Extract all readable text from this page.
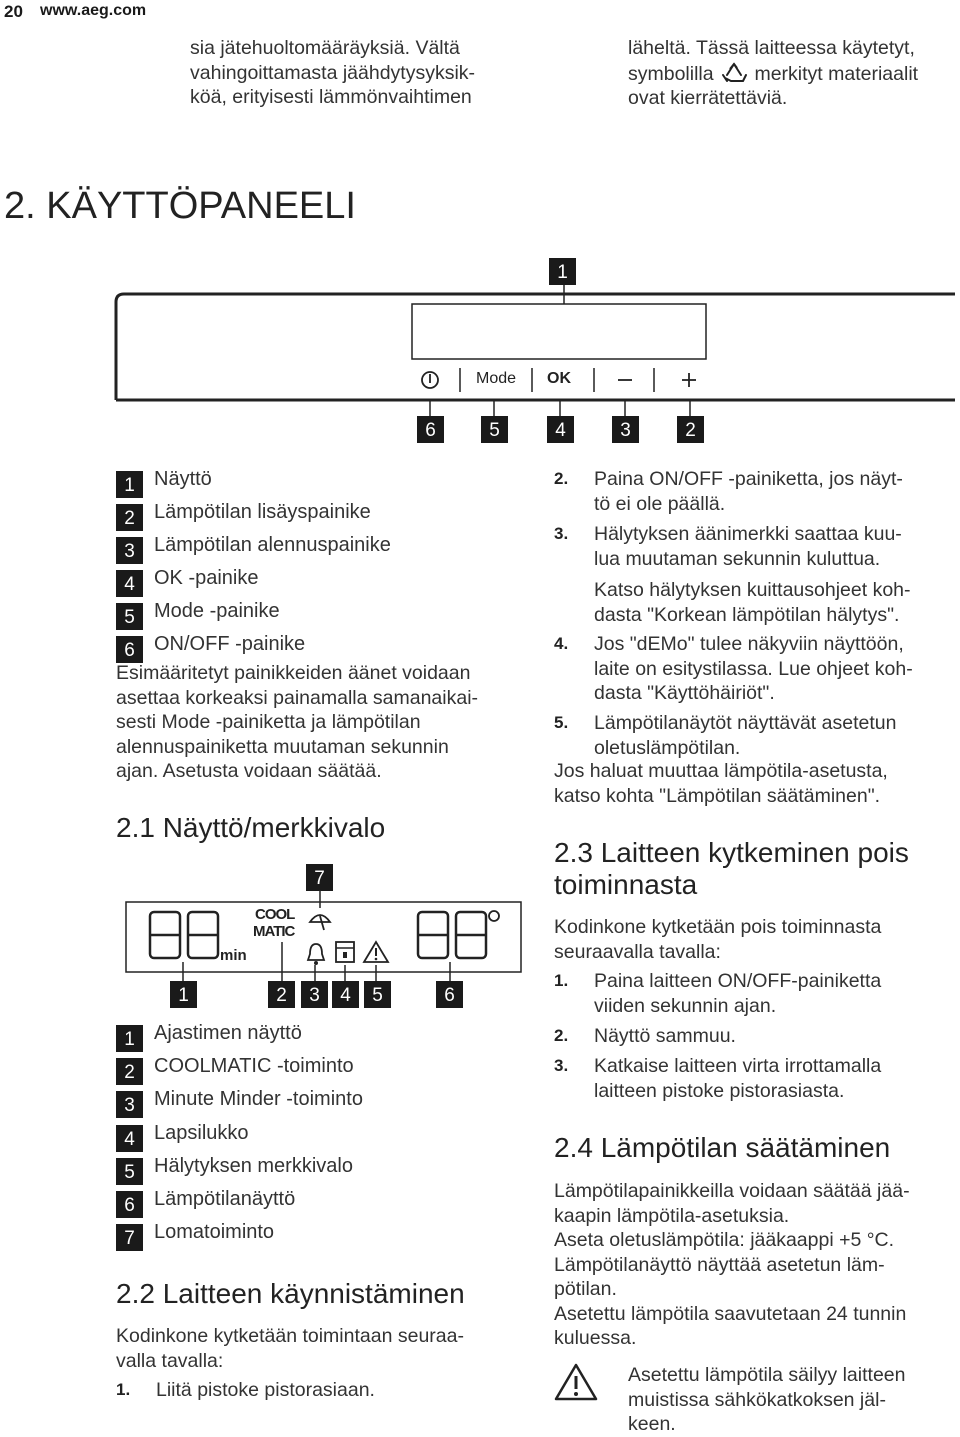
20 www.aeg.com
sia jätehuoltomääräyksiä. Vältä
vahingoittamasta jäähdytysyksik-
köä, erityisesti lämmönvaihtimen
läheltä. Tässä laitteessa käytetyt,
symbolilla merkityt materiaalit
ovat kierrätettäviä.
2. KÄYTTÖPANEELI
Mode OK
1
6	5	4	3	2
1 Näyttö
2 Lämpötilan lisäyspainike
3 Lämpötilan alennuspainike
4 OK -painike
5 Mode -painike
6 ON/OFF -painike
Esimääritetyt painikkeiden äänet voidaan
asettaa korkeaksi painamalla samanaikai-
sesti Mode -painiketta ja lämpötilan
alennuspainiketta muutaman sekunnin
ajan. Asetusta voidaan säätää.
2.1 Näyttö/merkkivalo
7
min
COOL
MATIC
1	2	3	4	5	6
1 Ajastimen näyttö
2 COOLMATIC -toiminto
3 Minute Minder -toiminto
4 Lapsilukko
5 Hälytyksen merkkivalo
6 Lämpötilanäyttö
7 Lomatoiminto
2.2 Laitteen käynnistäminen
Kodinkone kytketään toimintaan seuraa-
valla tavalla:
1. Liitä pistoke pistorasiaan.
2. Paina ON/OFF -painiketta, jos näyt-
tö ei ole päällä.
3. Hälytyksen äänimerkki saattaa kuu-
lua muutaman sekunnin kuluttua.
Katso hälytyksen kuittausohjeet koh-
dasta "Korkean lämpötilan hälytys".
4. Jos "dEMo" tulee näkyviin näyttöön,
laite on esitystilassa. Lue ohjeet koh-
dasta "Käyttöhäiriöt".
5. Lämpötilanäytöt näyttävät asetetun
oletuslämpötilan.
Jos haluat muuttaa lämpötila-asetusta,
katso kohta "Lämpötilan säätäminen".
2.3 Laitteen kytkeminen pois
toiminnasta
Kodinkone kytketään pois toiminnasta
seuraavalla tavalla:
1. Paina laitteen ON/OFF-painiketta
viiden sekunnin ajan.
2. Näyttö sammuu.
3. Katkaise laitteen virta irrottamalla
laitteen pistoke pistorasiasta.
2.4 Lämpötilan säätäminen
Lämpötilapainikkeilla voidaan säätää jää-
kaapin lämpötila-asetuksia.
Aseta oletuslämpötila: jääkaappi +5 °C.
Lämpötilanäyttö näyttää asetetun läm-
pötilan.
Asetettu lämpötila saavutetaan 24 tunnin
kuluessa.
Asetettu lämpötila säilyy laitteen
muistissa sähkökatkoksen jäl-
keen.
